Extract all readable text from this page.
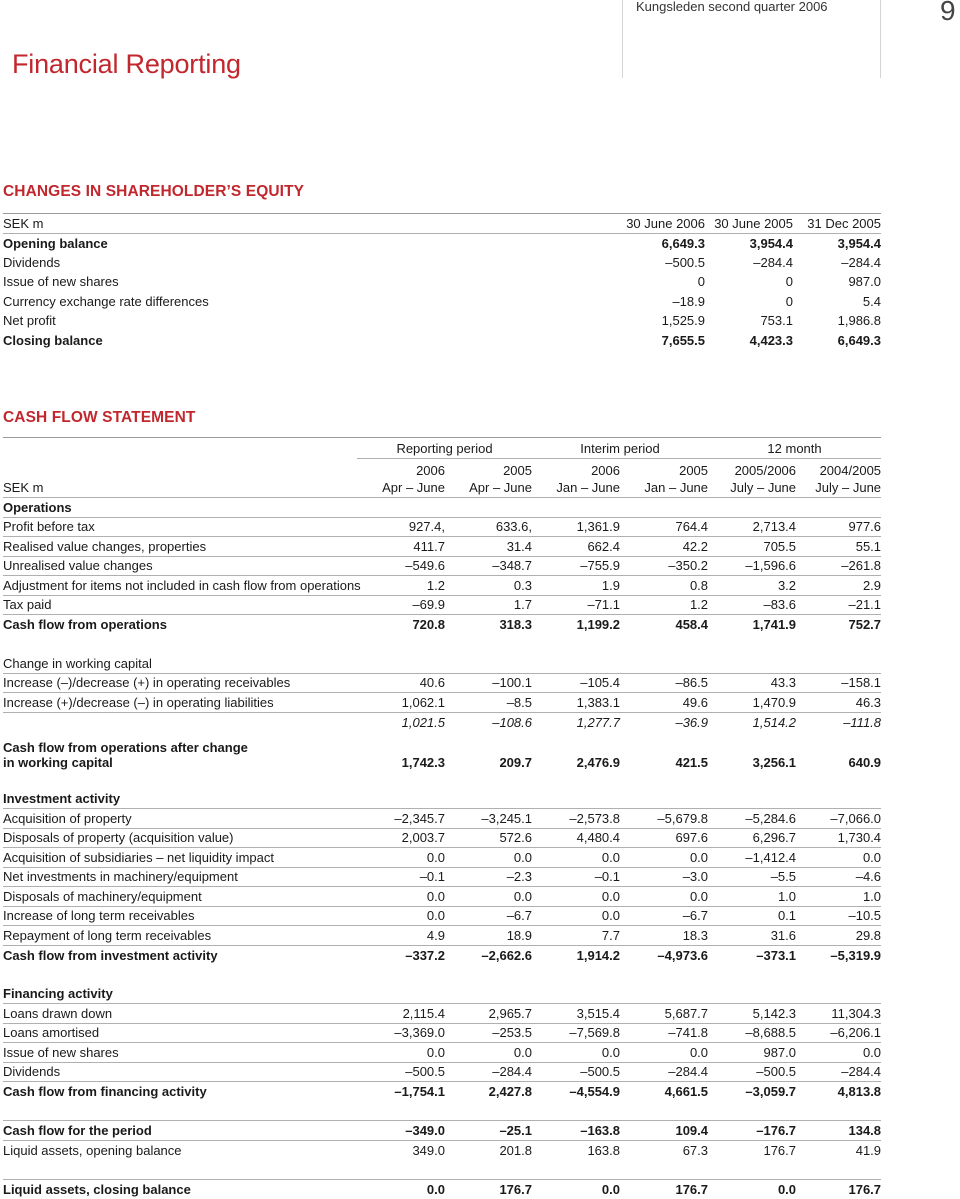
Kungsleden second quarter 2006	9
Financial Reporting
CHANGES IN SHAREHOLDER’S EQUITY
SEK m	30 June 2006	30 June 2005	31 Dec 2005
Opening balance	6,649.3	3,954.4	3,954.4
Dividends	–500.5	–284.4	–284.4
Issue of new shares	0	0	987.0
Currency exchange rate differences	–18.9	0	5.4
Net profit	1,525.9	753.1	1,986.8
Closing balance	7,655.5	4,423.3	6,649.3
CASH FLOW STATEMENT
	Reporting period		Interim period		12 month	
	2006	2005	2006	2005	2005/2006	2004/2005
SEK m	Apr – June	Apr – June	Jan – June	Jan – June	July – June	July – June
Operations						
Profit before tax	927.4,	633.6,	1,361.9	764.4	2,713.4	977.6
Realised value changes, properties	411.7	31.4	662.4	42.2	705.5	55.1
Unrealised value changes	–549.6	–348.7	–755.9	–350.2	–1,596.6	–261.8
Adjustment for items not included in cash flow from operations	1.2	0.3	1.9	0.8	3.2	2.9
Tax paid	–69.9	1.7	–71.1	1.2	–83.6	–21.1
Cash flow from operations	720.8	318.3	1,199.2	458.4	1,741.9	752.7

Change in working capital						
Increase (–)/decrease (+) in operating receivables	40.6	–100.1	–105.4	–86.5	43.3	–158.1
Increase (+)/decrease (–) in operating liabilities	1,062.1	–8.5	1,383.1	49.6	1,470.9	46.3
	1,021.5	–108.6	1,277.7	–36.9	1,514.2	–111.8

Cash flow from operations after change
in working capital	1,742.3	209.7	2,476.9	421.5	3,256.1	640.9

Investment activity						
Acquisition of property	–2,345.7	–3,245.1	–2,573.8	–5,679.8	–5,284.6	–7,066.0
Disposals of property (acquisition value)	2,003.7	572.6	4,480.4	697.6	6,296.7	1,730.4
Acquisition of subsidiaries – net liquidity impact	0.0	0.0	0.0	0.0	–1,412.4	0.0
Net investments in machinery/equipment	–0.1	–2.3	–0.1	–3.0	–5.5	–4.6
Disposals of machinery/equipment	0.0	0.0	0.0	0.0	1.0	1.0
Increase of long term receivables	0.0	–6.7	0.0	–6.7	0.1	–10.5
Repayment of long term receivables	4.9	18.9	7.7	18.3	31.6	29.8
Cash flow from investment activity	–337.2	–2,662.6	1,914.2	–4,973.6	–373.1	–5,319.9

Financing activity						
Loans drawn down	2,115.4	2,965.7	3,515.4	5,687.7	5,142.3	11,304.3
Loans amortised	–3,369.0	–253.5	–7,569.8	–741.8	–8,688.5	–6,206.1
Issue of new shares	0.0	0.0	0.0	0.0	987.0	0.0
Dividends	–500.5	–284.4	–500.5	–284.4	–500.5	–284.4
Cash flow from financing activity	–1,754.1	2,427.8	–4,554.9	4,661.5	–3,059.7	4,813.8

Cash flow for the period	–349.0	–25.1	–163.8	109.4	–176.7	134.8
Liquid assets, opening balance	349.0	201.8	163.8	67.3	176.7	41.9

Liquid assets, closing balance	0.0	176.7	0.0	176.7	0.0	176.7
